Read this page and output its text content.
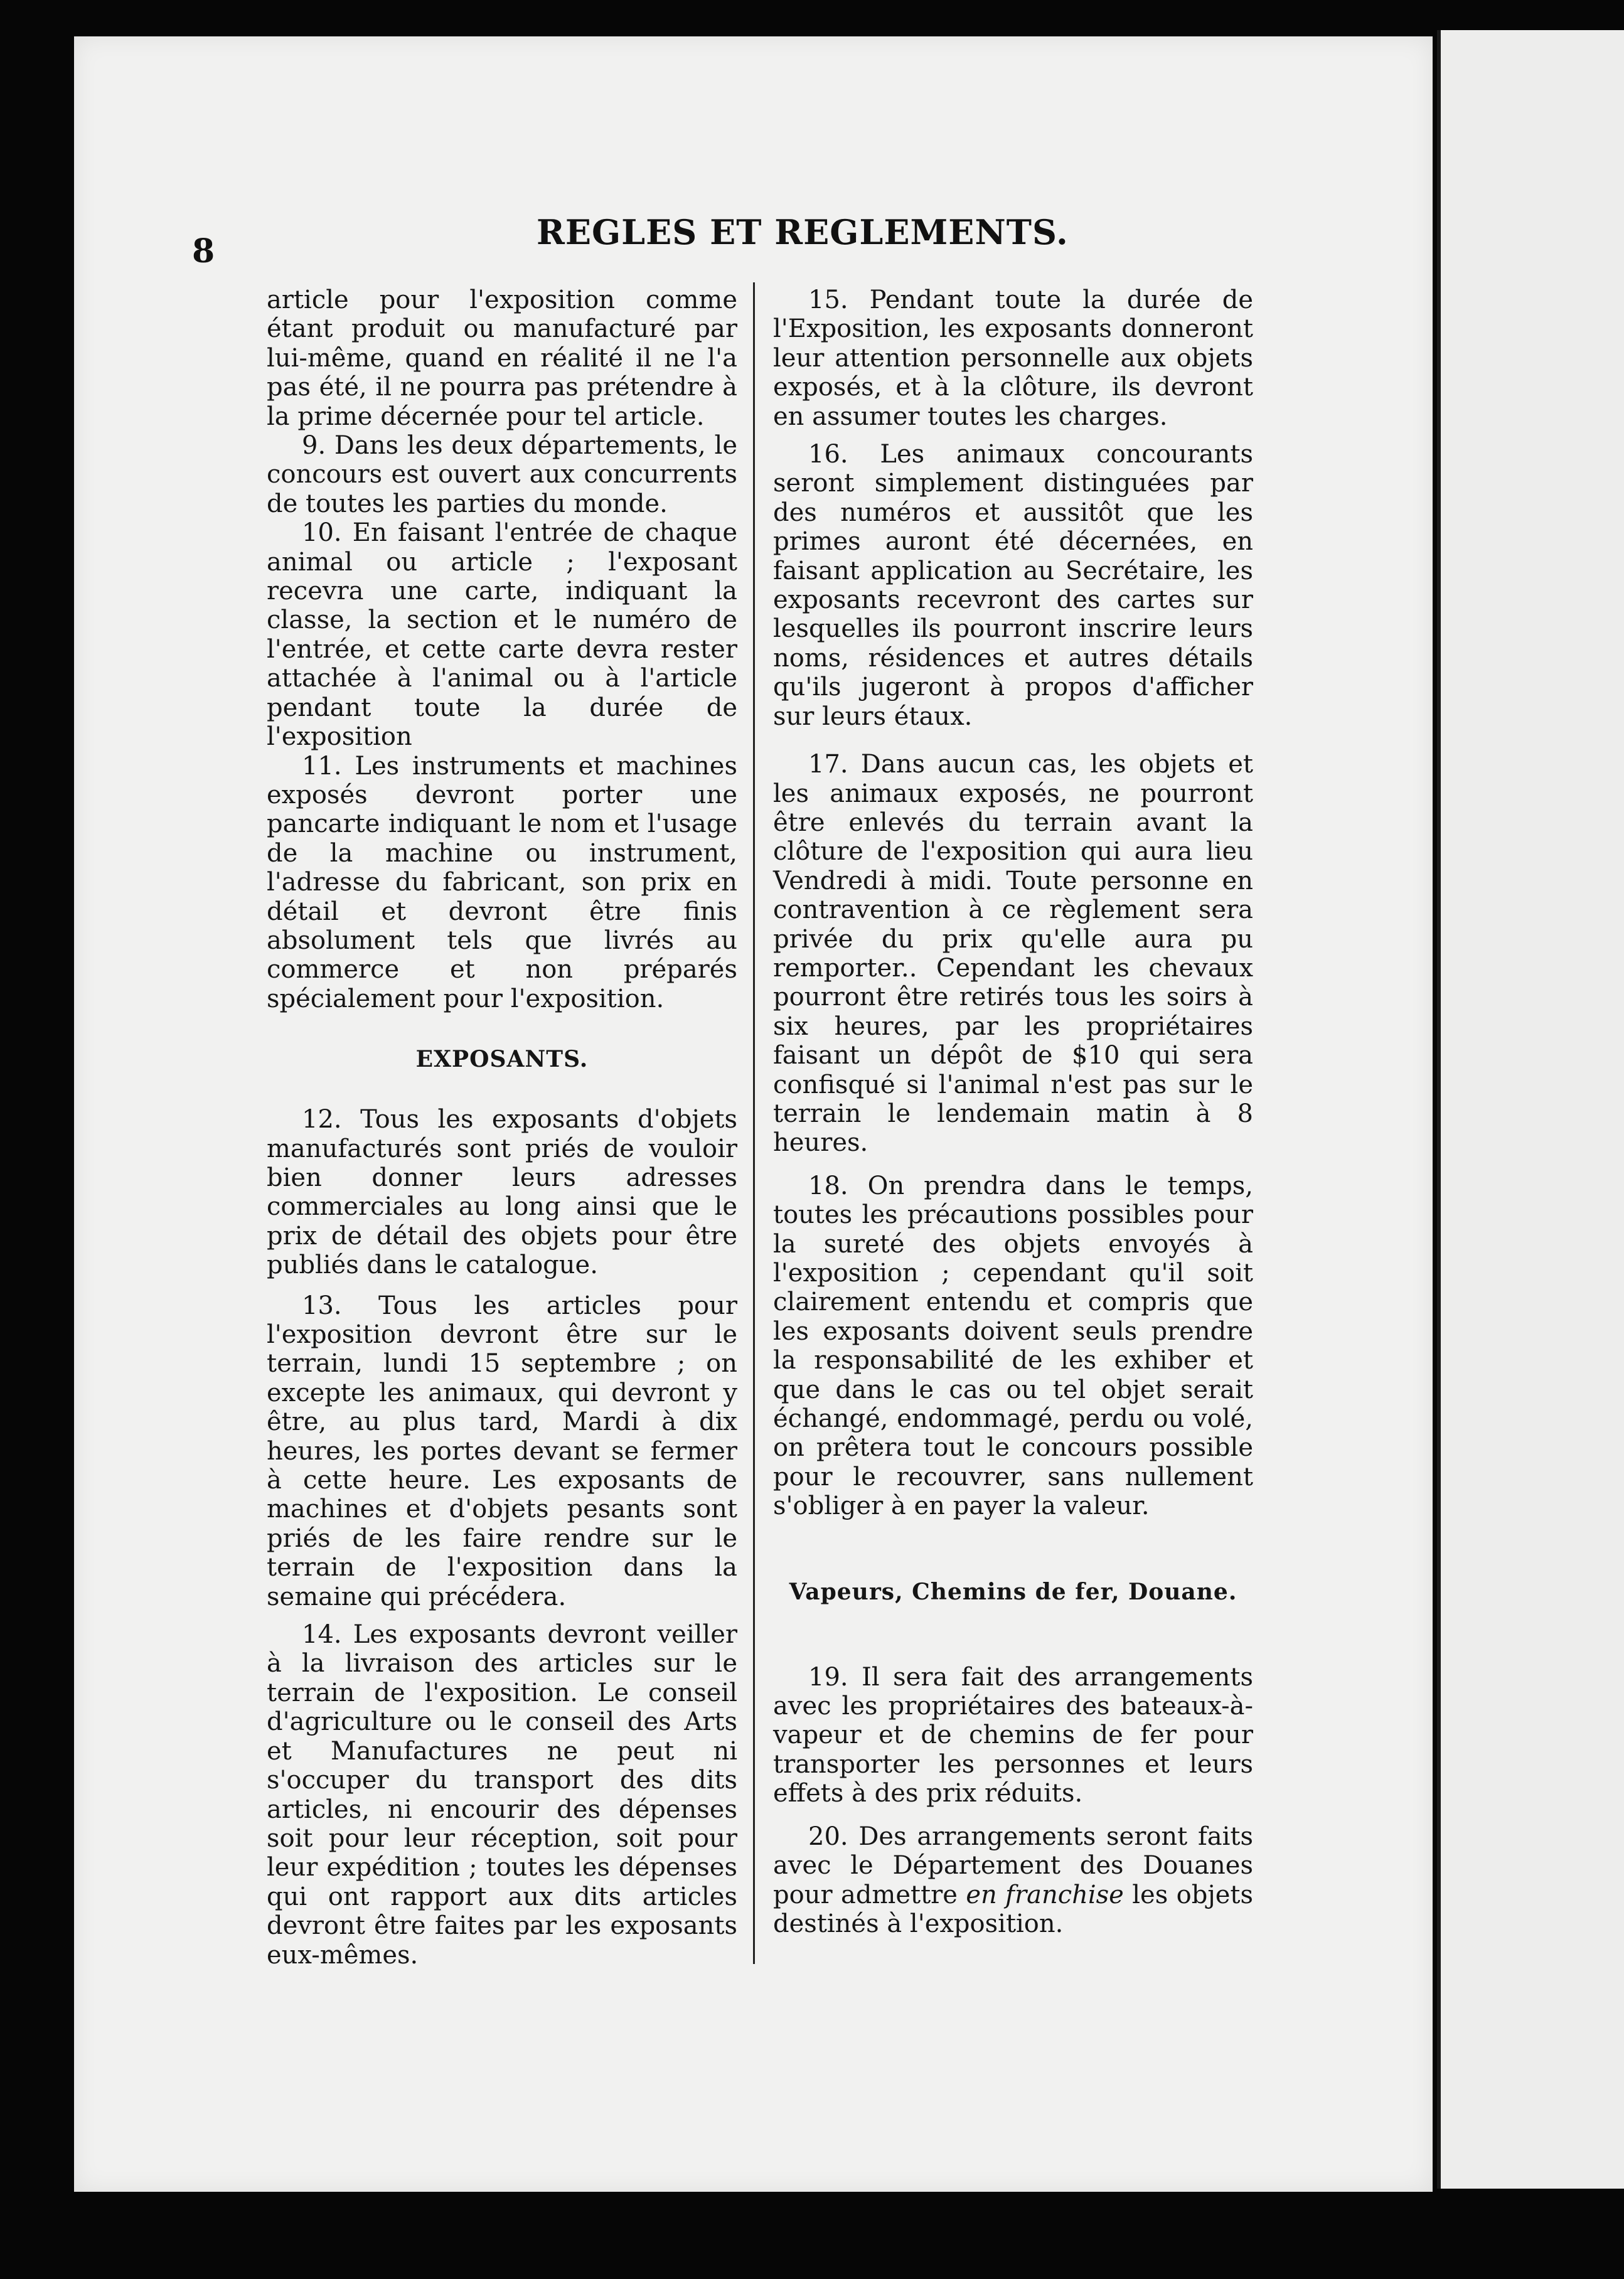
8	REGLES ET REGLEMENTS.

article pour l'exposition comme étant produit ou manufacturé par lui-même, quand en réalité il ne l'a pas été, il ne pourra pas prétendre à la prime décernée pour tel article.

9. Dans les deux départements, le concours est ouvert aux concurrents de toutes les parties du monde.

10. En faisant l'entrée de chaque animal ou article ; l'exposant recevra une carte, indiquant la classe, la section et le numéro de l'entrée, et cette carte devra rester attachée à l'animal ou à l'article pendant toute la durée de l'exposition

11. Les instruments et machines exposés devront porter une pancarte indiquant le nom et l'usage de la machine ou instrument, l'adresse du fabricant, son prix en détail et devront être finis absolument tels que livrés au commerce et non préparés spécialement pour l'exposition.

EXPOSANTS.

12. Tous les exposants d'objets manufacturés sont priés de vouloir bien donner leurs adresses commerciales au long ainsi que le prix de détail des objets pour être publiés dans le catalogue.

13. Tous les articles pour l'exposition devront être sur le terrain, lundi 15 septembre ; on excepte les animaux, qui devront y être, au plus tard, Mardi à dix heures, les portes devant se fermer à cette heure. Les exposants de machines et d'objets pesants sont priés de les faire rendre sur le terrain de l'exposition dans la semaine qui précédera.

14. Les exposants devront veiller à la livraison des articles sur le terrain de l'exposition. Le conseil d'agriculture ou le conseil des Arts et Manufactures ne peut ni s'occuper du transport des dits articles, ni encourir des dépenses soit pour leur réception, soit pour leur expédition ; toutes les dépenses qui ont rapport aux dits articles devront être faites par les exposants eux-mêmes.

15. Pendant toute la durée de l'Exposition, les exposants donneront leur attention personnelle aux objets exposés, et à la clôture, ils devront en assumer toutes les charges.

16. Les animaux concourants seront simplement distinguées par des numéros et aussitôt que les primes auront été décernées, en faisant application au Secrétaire, les exposants recevront des cartes sur lesquelles ils pourront inscrire leurs noms, résidences et autres détails qu'ils jugeront à propos d'afficher sur leurs étaux.

17. Dans aucun cas, les objets et les animaux exposés, ne pourront être enlevés du terrain avant la clôture de l'exposition qui aura lieu Vendredi à midi. Toute personne en contravention à ce règlement sera privée du prix qu'elle aura pu remporter.. Cependant les chevaux pourront être retirés tous les soirs à six heures, par les propriétaires faisant un dépôt de $10 qui sera confisqué si l'animal n'est pas sur le terrain le lendemain matin à 8 heures.

18. On prendra dans le temps, toutes les précautions possibles pour la sureté des objets envoyés à l'exposition ; cependant qu'il soit clairement entendu et compris que les exposants doivent seuls prendre la responsabilité de les exhiber et que dans le cas ou tel objet serait échangé, endommagé, perdu ou volé, on prêtera tout le concours possible pour le recouvrer, sans nullement s'obliger à en payer la valeur.

Vapeurs, Chemins de fer, Douane.

19. Il sera fait des arrangements avec les propriétaires des bateaux-à-vapeur et de chemins de fer pour transporter les personnes et leurs effets à des prix réduits.

20. Des arrangements seront faits avec le Département des Douanes pour admettre en franchise les objets destinés à l'exposition.
